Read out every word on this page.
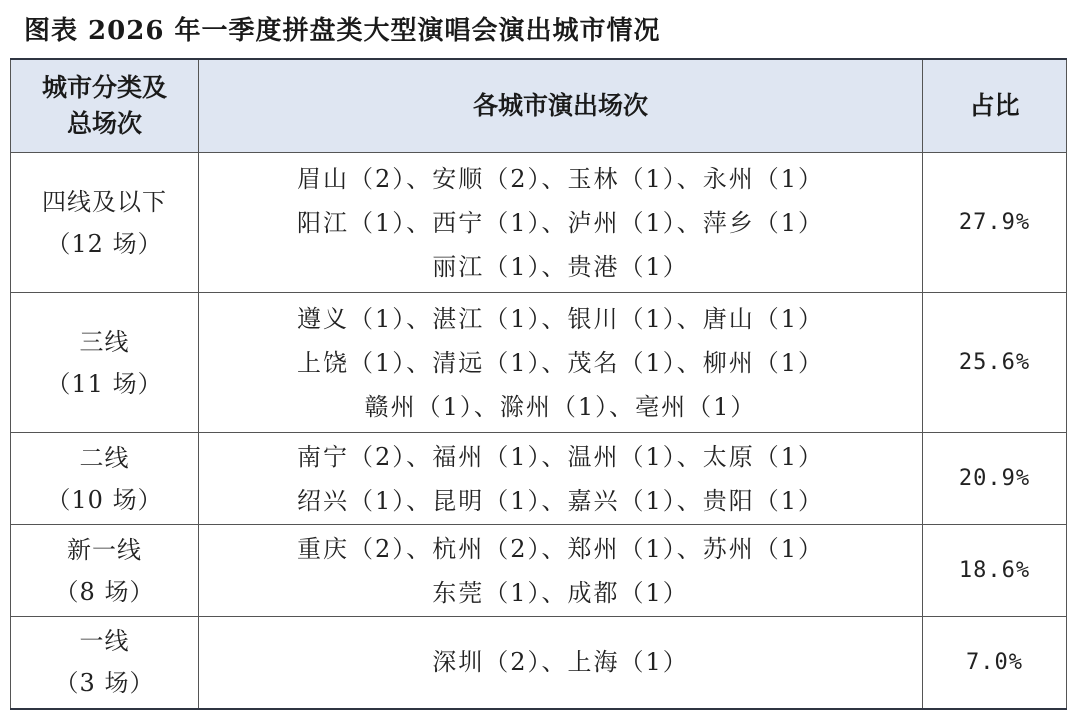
图表 2026 年一季度拼盘类大型演唱会演出城市情况
城市分类及总场次	各城市演出场次	占比

四线及以下
（12 场）	眉山（2）、安顺（2）、玉林（1）、永州（1）
阳江（1）、西宁（1）、泸州（1）、萍乡（1）
丽江（1）、贵港（1）	27.9%

三线
（11 场）	遵义（1）、湛江（1）、银川（1）、唐山（1）
上饶（1）、清远（1）、茂名（1）、柳州（1）
赣州（1）、滁州（1）、亳州（1）	25.6%

二线
（10 场）	南宁（2）、福州（1）、温州（1）、太原（1）
绍兴（1）、昆明（1）、嘉兴（1）、贵阳（1）	20.9%

新一线
（8 场）	重庆（2）、杭州（2）、郑州（1）、苏州（1）
东莞（1）、成都（1）	18.6%

一线
（3 场）	深圳（2）、上海（1）	7.0%
